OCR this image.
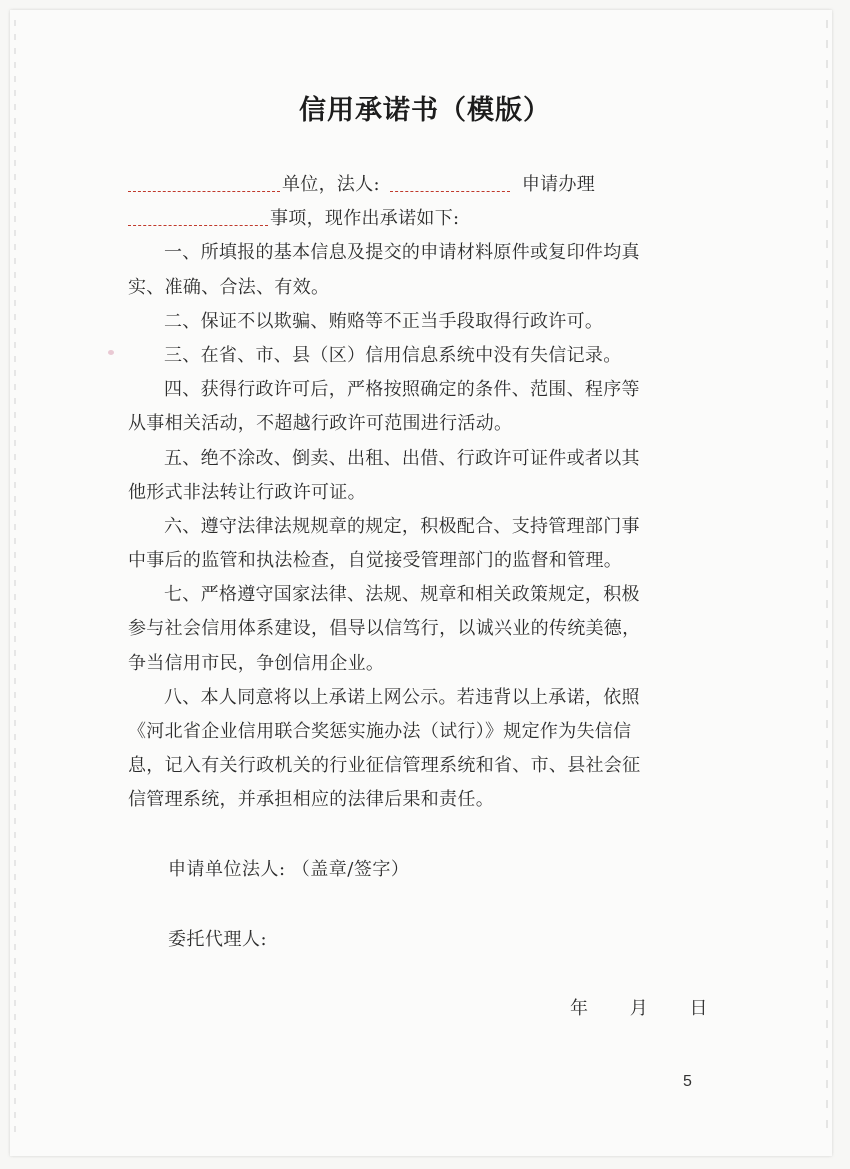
信用承诺书（模版）
单位，法人:	申请办理
事项，现作出承诺如下:
一、所填报的基本信息及提交的申请材料原件或复印件均真
实、准确、合法、有效。
二、保证不以欺骗、贿赂等不正当手段取得行政许可。
三、在省、市、县（区）信用信息系统中没有失信记录。
四、获得行政许可后，严格按照确定的条件、范围、程序等
从事相关活动，不超越行政许可范围进行活动。
五、绝不涂改、倒卖、出租、出借、行政许可证件或者以其
他形式非法转让行政许可证。
六、遵守法律法规规章的规定，积极配合、支持管理部门事
中事后的监管和执法检查，自觉接受管理部门的监督和管理。
七、严格遵守国家法律、法规、规章和相关政策规定，积极
参与社会信用体系建设，倡导以信笃行，以诚兴业的传统美德，
争当信用市民，争创信用企业。
八、本人同意将以上承诺上网公示。若违背以上承诺，依照
《河北省企业信用联合奖惩实施办法（试行）》规定作为失信信
息，记入有关行政机关的行业征信管理系统和省、市、县社会征
信管理系统，并承担相应的法律后果和责任。
申请单位法人: （盖章/签字）
委托代理人:
年 月 日
5
